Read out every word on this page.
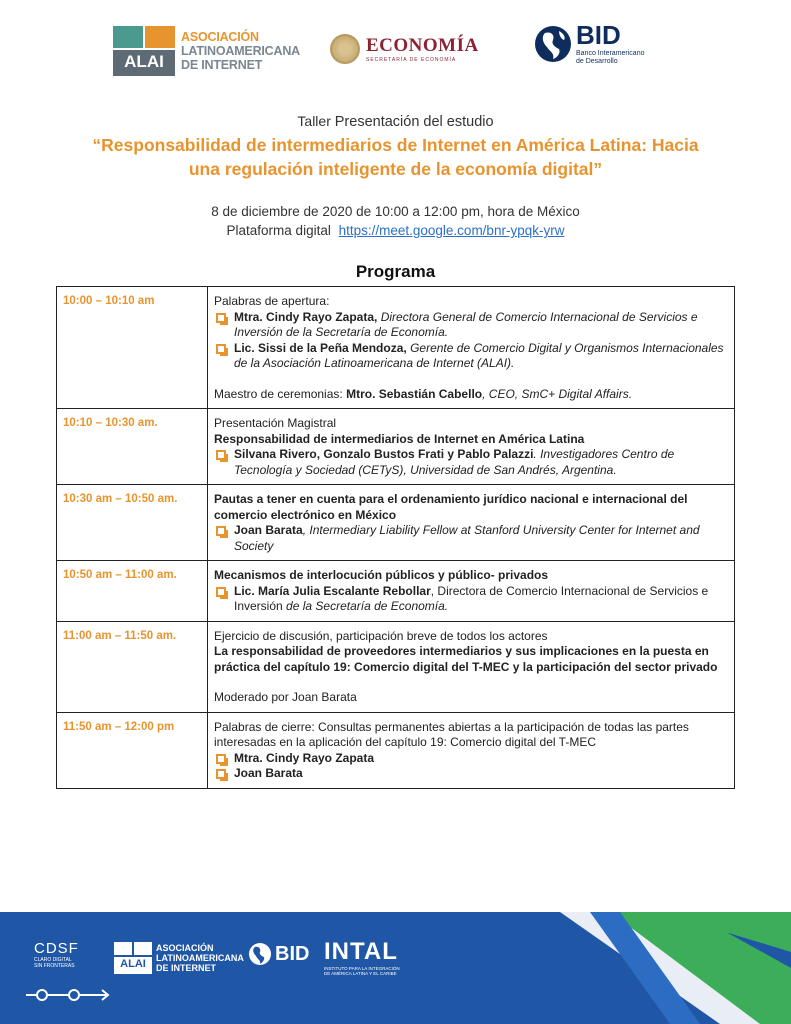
ALAI
ASOCIACIÓN
LATINOAMERICANA
DE INTERNET
ECONOMÍA
SECRETARÍA DE ECONOMÍA
BID
Banco Interamericano
de Desarrollo
Taller Presentación del estudio
“Responsabilidad de intermediarios de Internet en América Latina: Hacia
una regulación inteligente de la economía digital”
8 de diciembre de 2020 de 10:00 a 12:00 pm, hora de México
Plataforma digital https://meet.google.com/bnr-ypqk-yrw
Programa
10:00 – 10:10 am	Palabras de apertura:
Mtra. Cindy Rayo Zapata, Directora General de Comercio Internacional de Servicios e Inversión de la Secretaría de Economía.
Lic. Sissi de la Peña Mendoza, Gerente de Comercio Digital y Organismos Internacionales de la Asociación Latinoamericana de Internet (ALAI).
Maestro de ceremonias: Mtro. Sebastián Cabello, CEO, SmC+ Digital Affairs.
10:10 – 10:30 am.	Presentación Magistral
Responsabilidad de intermediarios de Internet en América Latina
Silvana Rivero, Gonzalo Bustos Frati y Pablo Palazzi. Investigadores Centro de Tecnología y Sociedad (CETyS), Universidad de San Andrés, Argentina.
10:30 am – 10:50 am.	Pautas a tener en cuenta para el ordenamiento jurídico nacional e internacional del comercio electrónico en México
Joan Barata, Intermediary Liability Fellow at Stanford University Center for Internet and Society
10:50 am – 11:00 am.	Mecanismos de interlocución públicos y público- privados
Lic. María Julia Escalante Rebollar, Directora de Comercio Internacional de Servicios e Inversión de la Secretaría de Economía.
11:00 am – 11:50 am.	Ejercicio de discusión, participación breve de todos los actores
La responsabilidad de proveedores intermediarios y sus implicaciones en la puesta en práctica del capítulo 19: Comercio digital del T-MEC y la participación del sector privado
Moderado por Joan Barata
11:50 am – 12:00 pm	Palabras de cierre: Consultas permanentes abiertas a la participación de todas las partes interesadas en la aplicación del capítulo 19: Comercio digital del T-MEC
Mtra. Cindy Rayo Zapata
Joan Barata
CDSF
CLARO DIGITAL SIN FRONTERAS	ALAI
ASOCIACIÓN
LATINOAMERICANA
DE INTERNET
BID INTAL
INSTITUTO PARA LA INTEGRACIÓN DE AMÉRICA LATINA Y EL CARIBE
